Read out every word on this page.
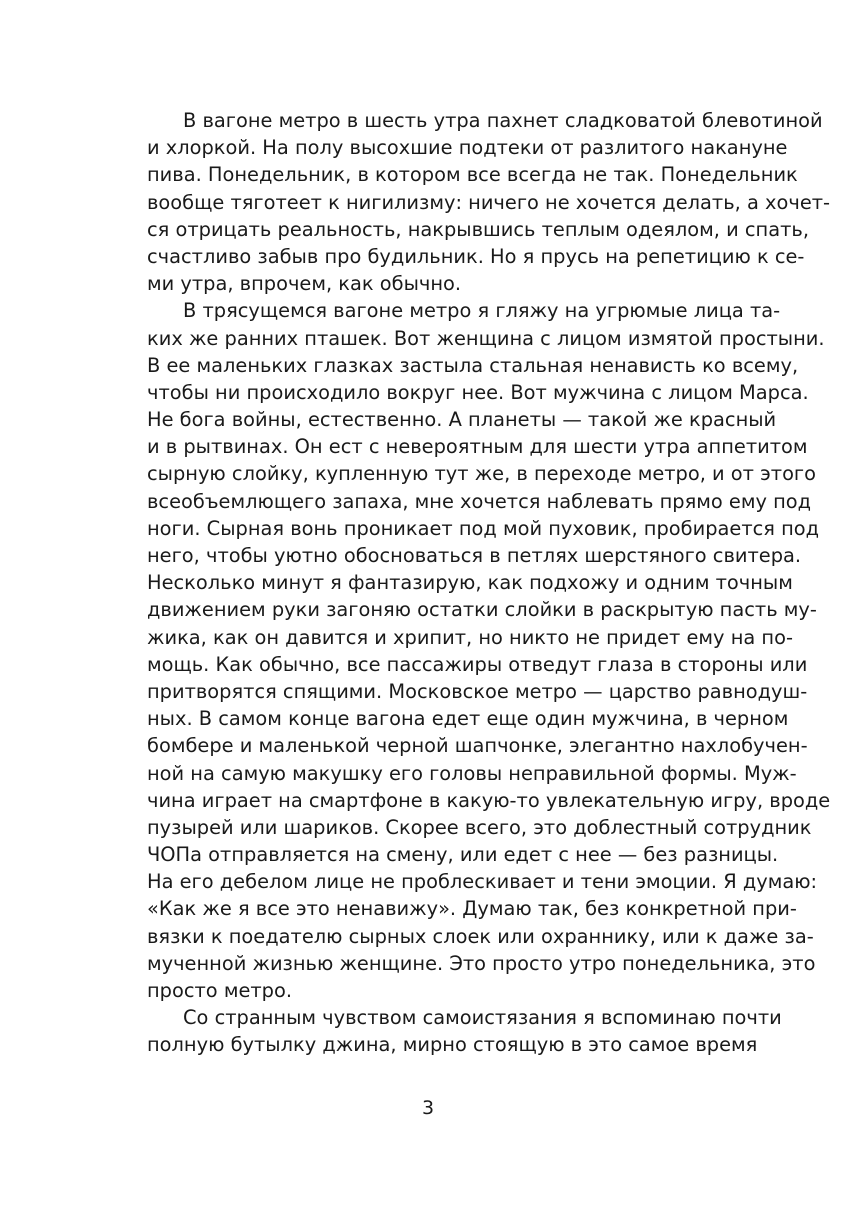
В вагоне метро в шесть утра пахнет сладковатой блевотиной
и хлоркой. На полу высохшие подтеки от разлитого накануне
пива. Понедельник, в котором все всегда не так. Понедельник
вообще тяготеет к нигилизму: ничего не хочется делать, а хочет-
ся отрицать реальность, накрывшись теплым одеялом, и спать,
счастливо забыв про будильник. Но я прусь на репетицию к се-
ми утра, впрочем, как обычно.
В трясущемся вагоне метро я гляжу на угрюмые лица та-
ких же ранних пташек. Вот женщина с лицом измятой простыни.
В ее маленьких глазках застыла стальная ненависть ко всему,
чтобы ни происходило вокруг нее. Вот мужчина с лицом Марса.
Не бога войны, естественно. А планеты — такой же красный
и в рытвинах. Он ест с невероятным для шести утра аппетитом
сырную слойку, купленную тут же, в переходе метро, и от этого
всеобъемлющего запаха, мне хочется наблевать прямо ему под
ноги. Сырная вонь проникает под мой пуховик, пробирается под
него, чтобы уютно обосноваться в петлях шерстяного свитера.
Несколько минут я фантазирую, как подхожу и одним точным
движением руки загоняю остатки слойки в раскрытую пасть му-
жика, как он давится и хрипит, но никто не придет ему на по-
мощь. Как обычно, все пассажиры отведут глаза в стороны или
притворятся спящими. Московское метро — царство равнодуш-
ных. В самом конце вагона едет еще один мужчина, в черном
бомбере и маленькой черной шапчонке, элегантно нахлобучен-
ной на самую макушку его головы неправильной формы. Муж-
чина играет на смартфоне в какую-то увлекательную игру, вроде
пузырей или шариков. Скорее всего, это доблестный сотрудник
ЧОПа отправляется на смену, или едет с нее — без разницы.
На его дебелом лице не проблескивает и тени эмоции. Я думаю:
«Как же я все это ненавижу». Думаю так, без конкретной при-
вязки к поедателю сырных слоек или охраннику, или к даже за-
мученной жизнью женщине. Это просто утро понедельника, это
просто метро.
Со странным чувством самоистязания я вспоминаю почти
полную бутылку джина, мирно стоящую в это самое время
3
